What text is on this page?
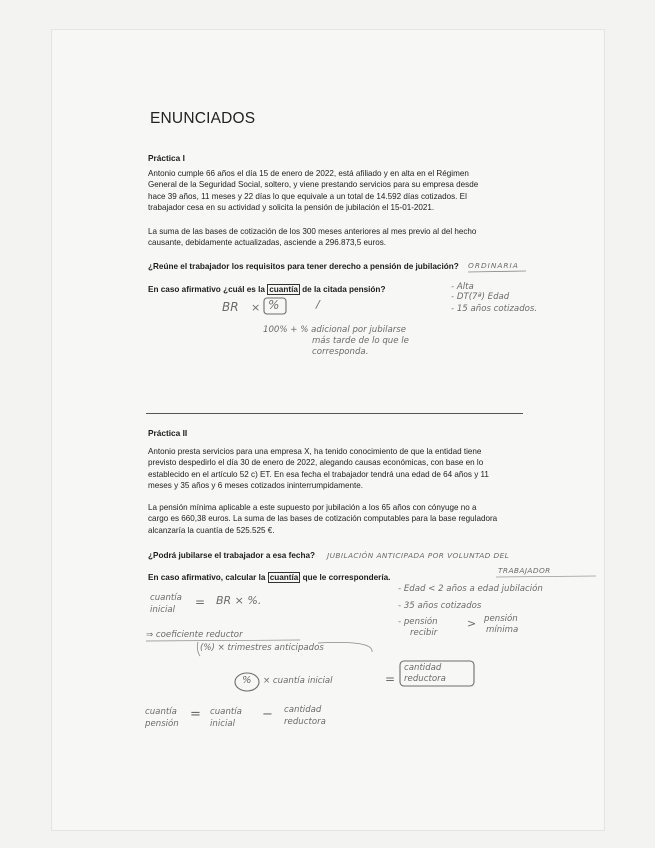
ENUNCIADOS
Práctica I
Antonio cumple 66 años el día 15 de enero de 2022, está afiliado y en alta en el Régimen
General de la Seguridad Social, soltero, y viene prestando servicios para su empresa desde
hace 39 años, 11 meses y 22 días lo que equivale a un total de 14.592 días cotizados. El
trabajador cesa en su actividad y solicita la pensión de jubilación el 15-01-2021.
La suma de las bases de cotización de los 300 meses anteriores al mes previo al del hecho
causante, debidamente actualizadas, asciende a 296.873,5 euros.
¿Reúne el trabajador los requisitos para tener derecho a pensión de jubilación? ORDINARIA
En caso afirmativo ¿cuál es la cuantía de la citada pensión?	- Alta
- DT(7ª) Edad
- 15 años cotizados.
BR × %	/
100% + % adicional por jubilarse
más tarde de lo que le
corresponda.
Práctica II
Antonio presta servicios para una empresa X, ha tenido conocimiento de que la entidad tiene
previsto despedirlo el día 30 de enero de 2022, alegando causas económicas, con base en lo
establecido en el artículo 52 c) ET. En esa fecha el trabajador tendrá una edad de 64 años y 11
meses y 35 años y 6 meses cotizados ininterrumpidamente.
La pensión mínima aplicable a este supuesto por jubilación a los 65 años con cónyuge no a
cargo es 660,38 euros. La suma de las bases de cotización computables para la base reguladora
alcanzaría la cuantía de 525.525 €.
¿Podrá jubilarse el trabajador a esa fecha? JUBILACIÓN ANTICIPADA POR VOLUNTAD DEL
TRABAJADOR
En caso afirmativo, calcular la cuantía que le correspondería.
- Edad < 2 años a edad jubilación
- 35 años cotizados
- pensión
recibir
> pensión
mínima
cuantía
inicial
= BR × %.
⇒ coeficiente reductor
(%) × trimestres anticipados
% × cuantía inicial	=
cantidad
reductora
cuantía
pensión
= cuantía
inicial
− cantidad
reductora
